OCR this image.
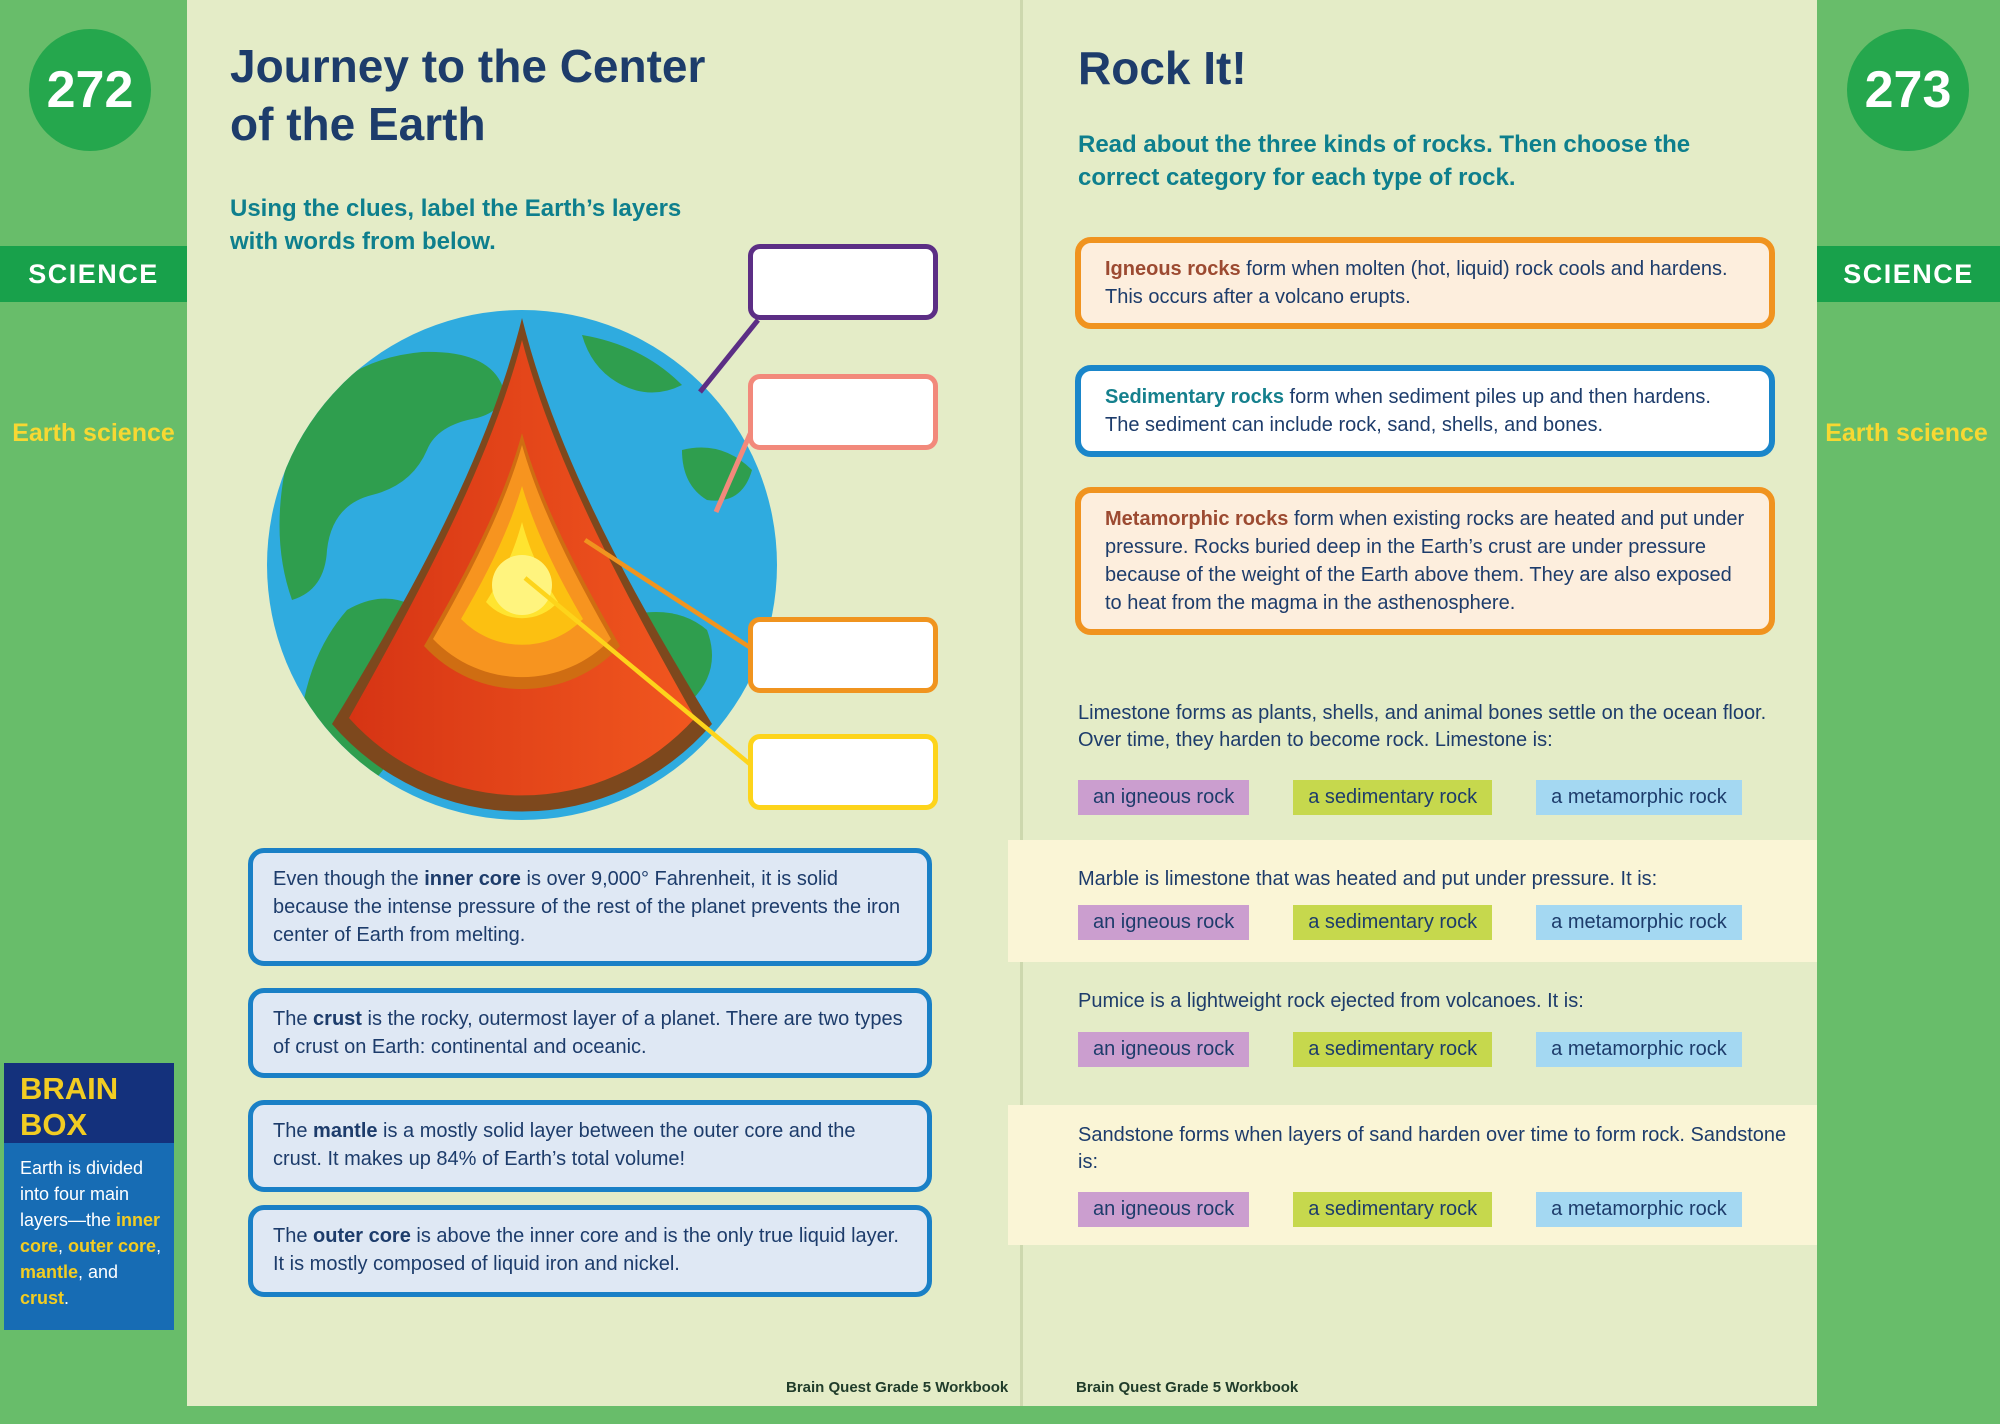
272
SCIENCE
Earth science
BRAIN
BOX
Earth is divided into four main layers—the inner core, outer core, mantle, and crust.
Journey to the Center
of the Earth
Using the clues, label the Earth’s layers
with words from below.
Even though the inner core is over 9,000° Fahrenheit, it is solid because the intense pressure of the rest of the planet prevents the iron center of Earth from melting.
The crust is the rocky, outermost layer of a planet. There are two types of crust on Earth: continental and oceanic.
The mantle is a mostly solid layer between the outer core and the crust. It makes up 84% of Earth’s total volume!
The outer core is above the inner core and is the only true liquid layer. It is mostly composed of liquid iron and nickel.
Rock It!
Read about the three kinds of rocks. Then choose the
correct category for each type of rock.
Igneous rocks form when molten (hot, liquid) rock cools and hardens. This occurs after a volcano erupts.
Sedimentary rocks form when sediment piles up and then hardens. The sediment can include rock, sand, shells, and bones.
Metamorphic rocks form when existing rocks are heated and put under pressure. Rocks buried deep in the Earth’s crust are under pressure because of the weight of the Earth above them. They are also exposed to heat from the magma in the asthenosphere.
Limestone forms as plants, shells, and animal bones settle on the ocean floor. Over time, they harden to become rock. Limestone is:
an igneous rock	a sedimentary rock	a metamorphic rock
Marble is limestone that was heated and put under pressure. It is:
an igneous rock	a sedimentary rock	a metamorphic rock
Pumice is a lightweight rock ejected from volcanoes. It is:
an igneous rock	a sedimentary rock	a metamorphic rock
Sandstone forms when layers of sand harden over time to form rock. Sandstone is:
an igneous rock	a sedimentary rock	a metamorphic rock
273
SCIENCE
Earth science
Brain Quest Grade 5 Workbook	Brain Quest Grade 5 Workbook
